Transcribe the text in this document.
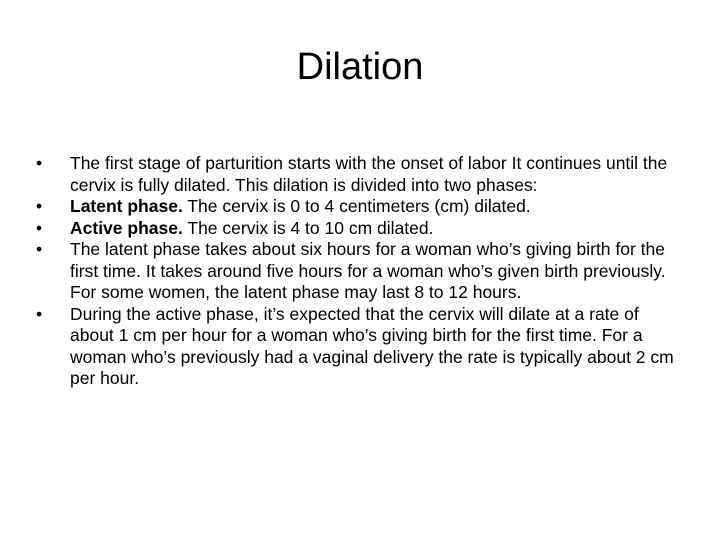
Dilation
•	The first stage of parturition starts with the onset of labor It continues until the cervix is fully dilated. This dilation is divided into two phases:
•	Latent phase. The cervix is 0 to 4 centimeters (cm) dilated.
•	Active phase. The cervix is 4 to 10 cm dilated.
•	The latent phase takes about six hours for a woman who’s giving birth for the first time. It takes around five hours for a woman who’s given birth previously. For some women, the latent phase may last 8 to 12 hours.
•	During the active phase, it’s expected that the cervix will dilate at a rate of about 1 cm per hour for a woman who’s giving birth for the first time. For a woman who’s previously had a vaginal delivery the rate is typically about 2 cm per hour.
